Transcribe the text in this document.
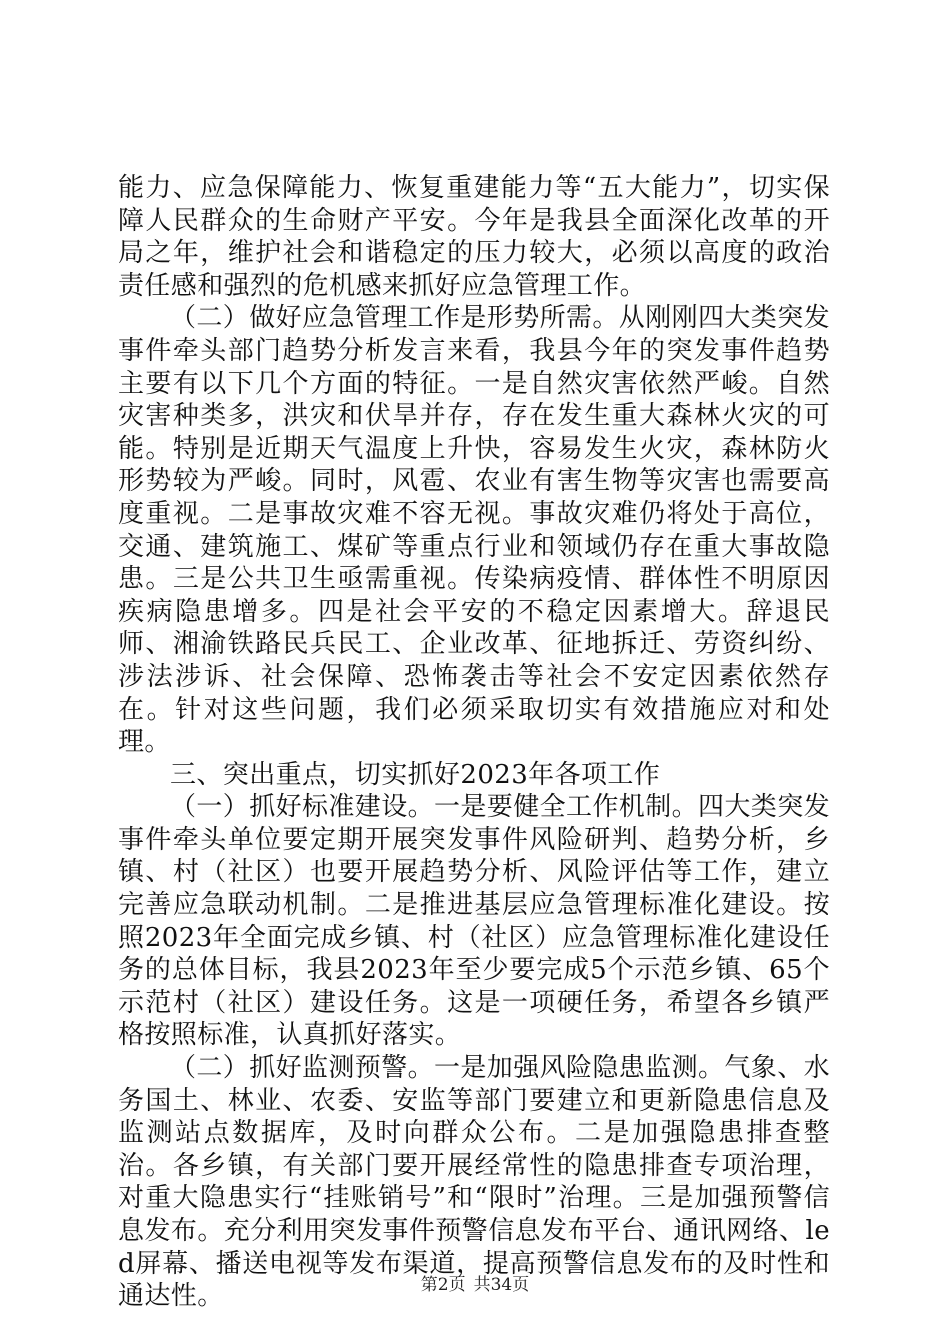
能力、应急保障能力、恢复重建能力等“五大能力”，切实保障人民群众的生命财产平安。今年是我县全面深化改革的开局之年，维护社会和谐稳定的压力较大，必须以高度的政治责任感和强烈的危机感来抓好应急管理工作。

（二）做好应急管理工作是形势所需。从刚刚四大类突发事件牵头部门趋势分析发言来看，我县今年的突发事件趋势主要有以下几个方面的特征。一是自然灾害依然严峻。自然灾害种类多，洪灾和伏旱并存，存在发生重大森林火灾的可能。特别是近期天气温度上升快，容易发生火灾，森林防火形势较为严峻。同时，风雹、农业有害生物等灾害也需要高度重视。二是事故灾难不容无视。事故灾难仍将处于高位，交通、建筑施工、煤矿等重点行业和领域仍存在重大事故隐患。三是公共卫生亟需重视。传染病疫情、群体性不明原因疾病隐患增多。四是社会平安的不稳定因素增大。辞退民师、湘渝铁路民兵民工、企业改革、征地拆迁、劳资纠纷、涉法涉诉、社会保障、恐怖袭击等社会不安定因素依然存在。针对这些问题，我们必须采取切实有效措施应对和处理。

三、突出重点，切实抓好2023年各项工作

（一）抓好标准建设。一是要健全工作机制。四大类突发事件牵头单位要定期开展突发事件风险研判、趋势分析，乡镇、村（社区）也要开展趋势分析、风险评估等工作，建立完善应急联动机制。二是推进基层应急管理标准化建设。按照2023年全面完成乡镇、村（社区）应急管理标准化建设任务的总体目标，我县2023年至少要完成5个示范乡镇、65个示范村（社区）建设任务。这是一项硬任务，希望各乡镇严格按照标准，认真抓好落实。

（二）抓好监测预警。一是加强风险隐患监测。气象、水务国土、林业、农委、安监等部门要建立和更新隐患信息及监测站点数据库，及时向群众公布。二是加强隐患排查整治。各乡镇，有关部门要开展经常性的隐患排查专项治理，对重大隐患实行“挂账销号”和“限时”治理。三是加强预警信息发布。充分利用突发事件预警信息发布平台、通讯网络、led屏幕、播送电视等发布渠道，提高预警信息发布的及时性和通达性。	第2页 共34页
